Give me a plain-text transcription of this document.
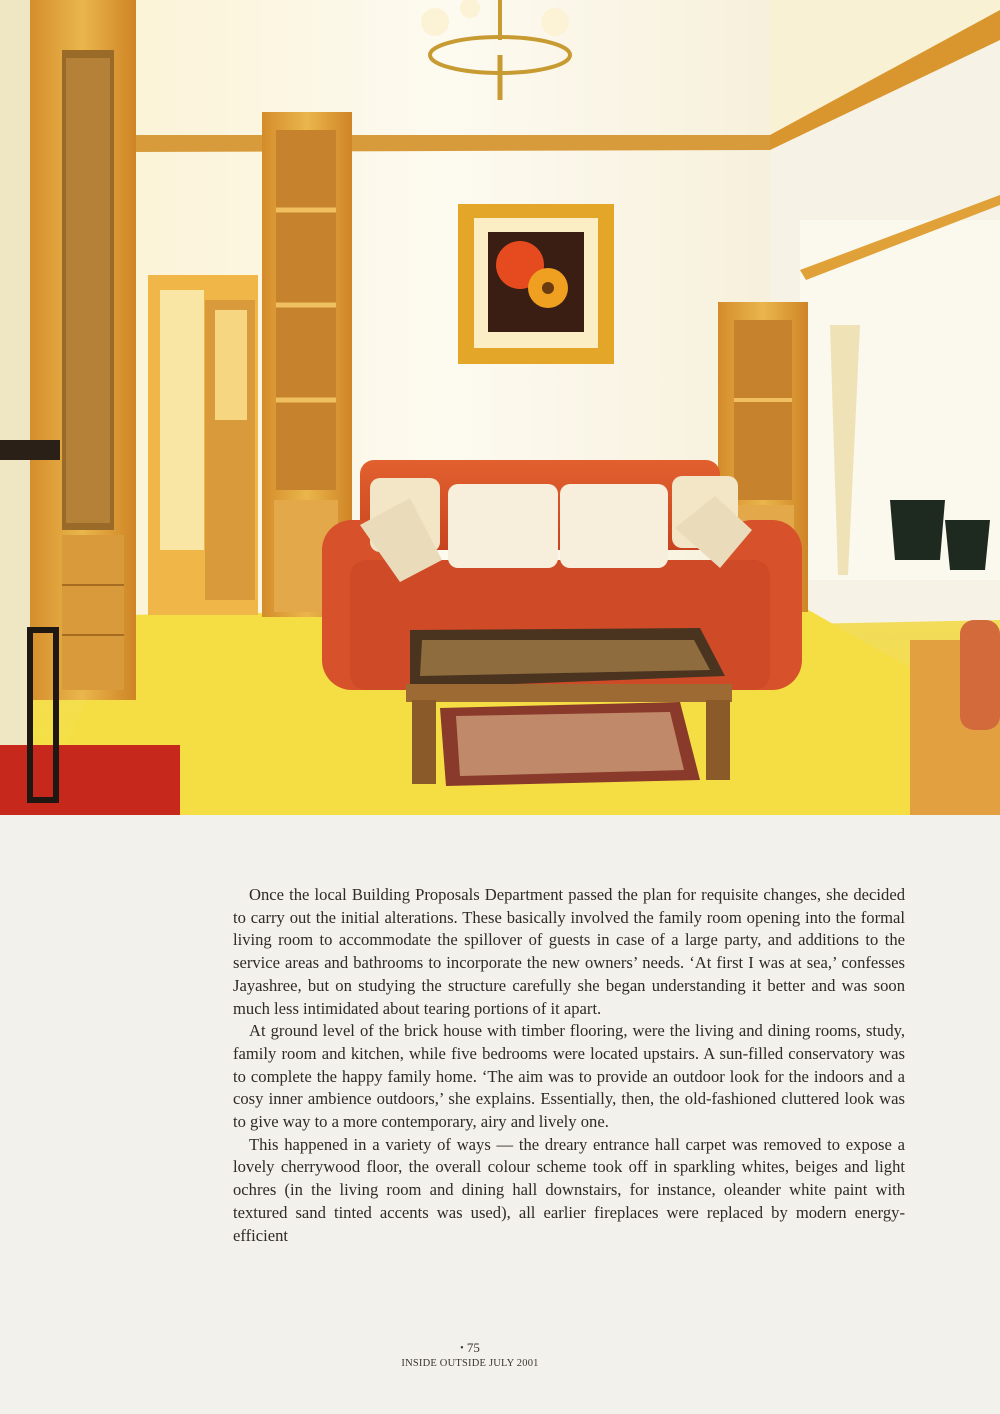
Once the local Building Proposals Department passed the plan for requisite changes, she decided to carry out the initial alterations. These basically involved the family room opening into the formal living room to accommodate the spillover of guests in case of a large party, and additions to the service areas and bathrooms to incorporate the new owners’ needs. ‘At first I was at sea,’ confesses Jayashree, but on studying the structure carefully she began understanding it better and was soon much less intimidated about tearing portions of it apart.

At ground level of the brick house with timber flooring, were the living and dining rooms, study, family room and kitchen, while five bedrooms were located upstairs. A sun-filled conservatory was to complete the happy family home. ‘The aim was to provide an outdoor look for the indoors and a cosy inner ambience outdoors,’ she explains. Essentially, then, the old-fashioned cluttered look was to give way to a more contemporary, airy and lively one.

This happened in a variety of ways — the dreary entrance hall carpet was removed to expose a lovely cherrywood floor, the overall colour scheme took off in sparkling whites, beiges and light ochres (in the living room and dining hall downstairs, for instance, oleander white paint with textured sand tinted accents was used), all earlier fireplaces were replaced by modern energy-efficient

• 75
INSIDE OUTSIDE JULY 2001
